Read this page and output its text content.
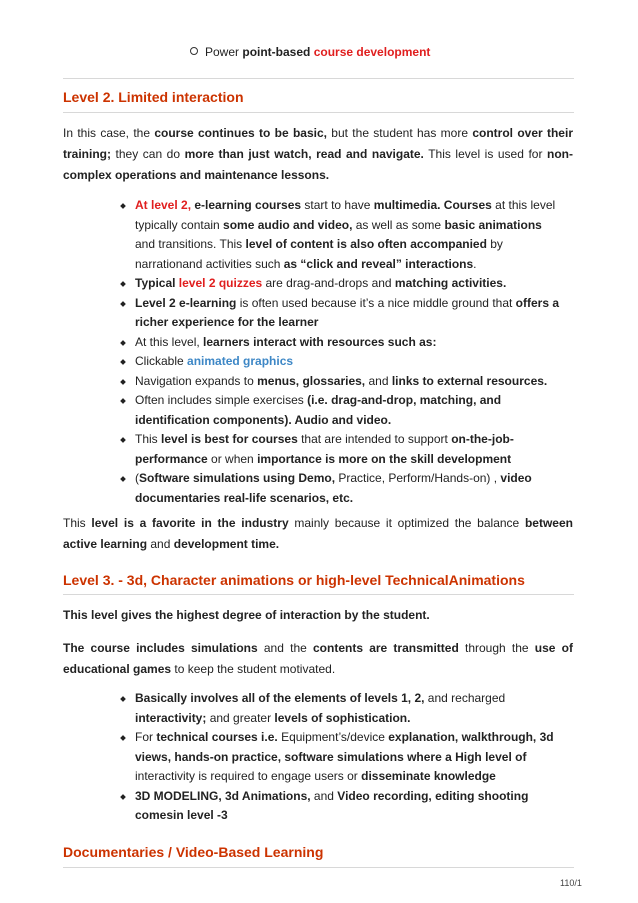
Power point-based course development
Level 2. Limited interaction

In this case, the course continues to be basic, but the student has more control over their training; they can do more than just watch, read and navigate. This level is used for non-complex operations and maintenance lessons.

At level 2, e-learning courses start to have multimedia. Courses at this level typically contain some audio and video, as well as some basic animations and transitions. This level of content is also often accompanied by narrationand activities such as “click and reveal” interactions.
Typical level 2 quizzes are drag-and-drops and matching activities.
Level 2 e-learning is often used because it’s a nice middle ground that offers a richer experience for the learner
At this level, learners interact with resources such as:
Clickable animated graphics
Navigation expands to menus, glossaries, and links to external resources.
Often includes simple exercises (i.e. drag-and-drop, matching, and identification components). Audio and video.
This level is best for courses that are intended to support on-the-job-performance or when importance is more on the skill development
(Software simulations using Demo, Practice, Perform/Hands-on) , video documentaries real-life scenarios, etc.

This level is a favorite in the industry mainly because it optimized the balance between active learning and development time.

Level 3. - 3d, Character animations or high-level TechnicalAnimations

This level gives the highest degree of interaction by the student.

The course includes simulations and the contents are transmitted through the use of educational games to keep the student motivated.

Basically involves all of the elements of levels 1, 2, and recharged interactivity; and greater levels of sophistication.
For technical courses i.e. Equipment’s/device explanation, walkthrough, 3d views, hands-on practice, software simulations where a High level of interactivity is required to engage users or disseminate knowledge
3D MODELING, 3d Animations, and Video recording, editing shooting comesin level -3
Documentaries / Video-Based Learning
110/1
